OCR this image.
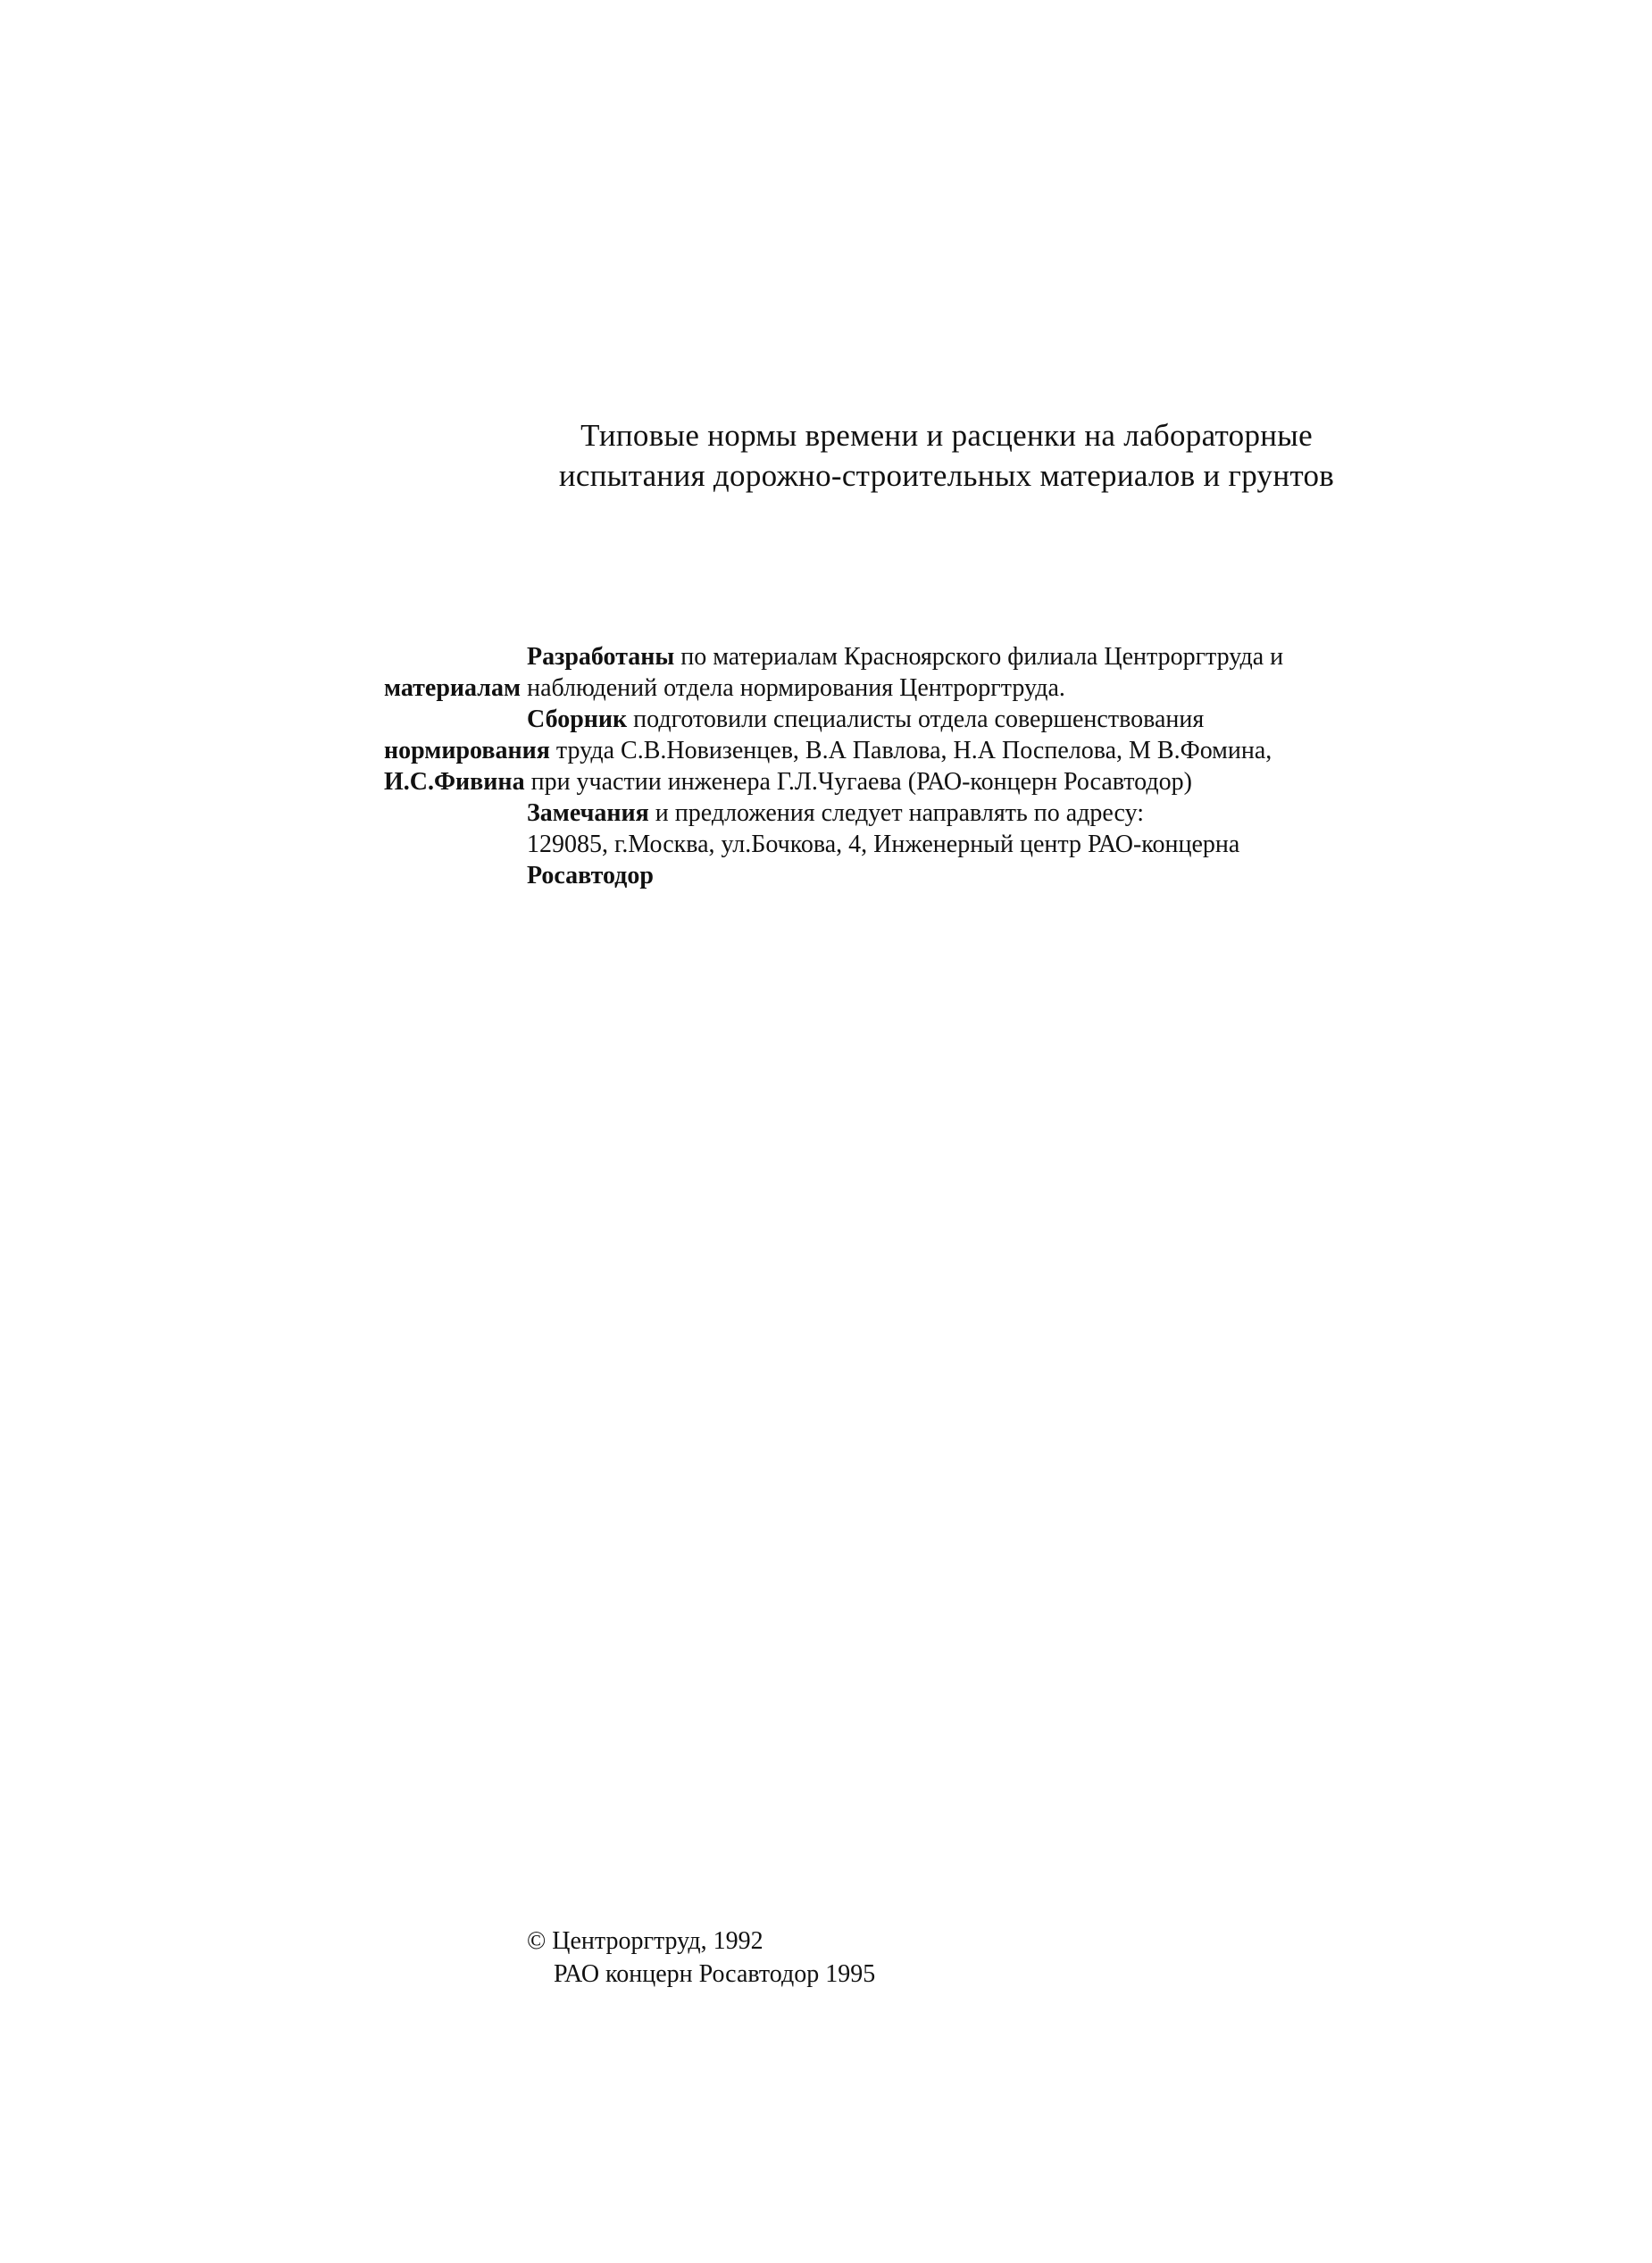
Типовые нормы времени и расценки на лабораторные
испытания дорожно-строительных материалов и грунтов
Разработаны по материалам Красноярского филиала Центроргтруда и
материалам наблюдений отдела нормирования Центроргтруда.
Сборник подготовили специалисты отдела совершенствования
нормирования труда С.В.Новизенцев, В.А Павлова, Н.А Поспелова, М В.Фомина,
И.С.Фивина при участии инженера Г.Л.Чугаева (РАО-концерн Росавтодор)
Замечания и предложения следует направлять по адресу:
129085, г.Москва, ул.Бочкова, 4, Инженерный центр РАО-концерна
Росавтодор
© Центроргтруд, 1992
РАО концерн Росавтодор 1995
